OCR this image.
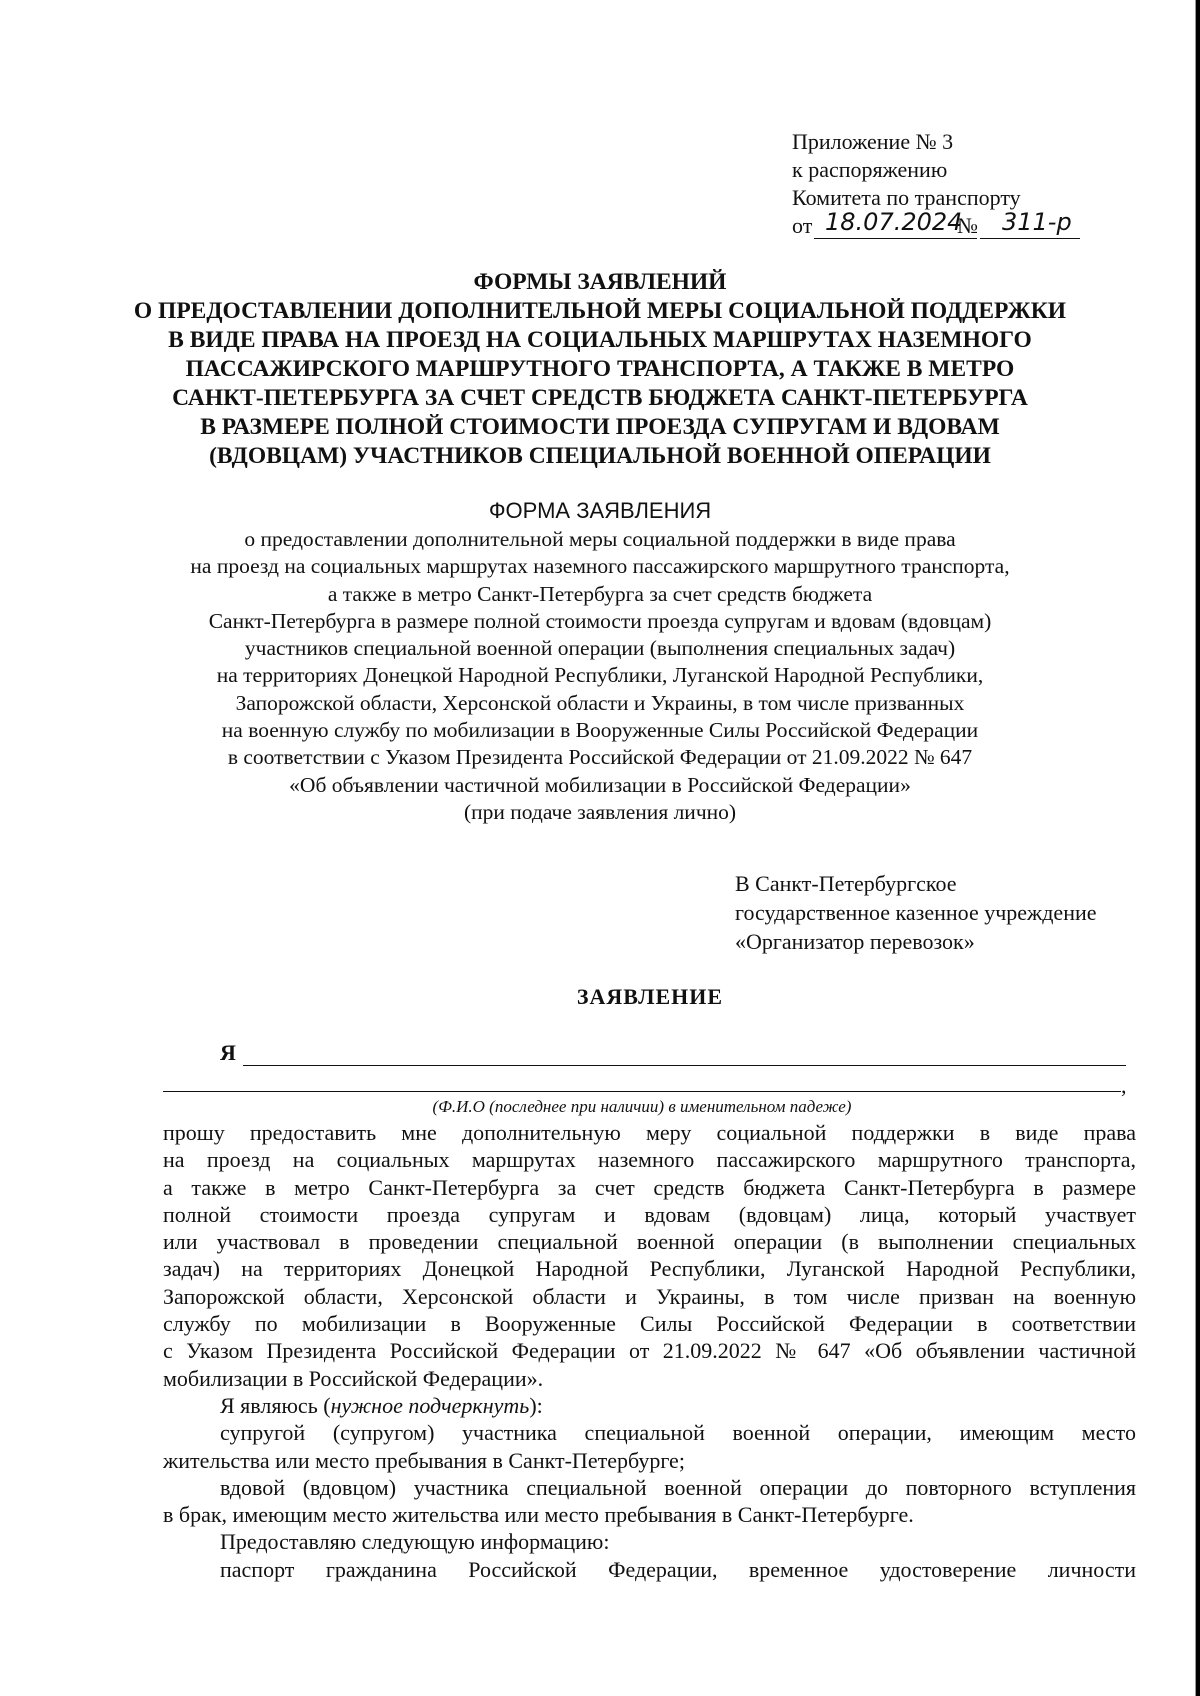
Приложение № 3
к распоряжению
Комитета по транспорту
от 18.07.2024
№ 311-р
ФОРМЫ ЗАЯВЛЕНИЙ
О ПРЕДОСТАВЛЕНИИ ДОПОЛНИТЕЛЬНОЙ МЕРЫ СОЦИАЛЬНОЙ ПОДДЕРЖКИ
В ВИДЕ ПРАВА НА ПРОЕЗД НА СОЦИАЛЬНЫХ МАРШРУТАХ НАЗЕМНОГО
ПАССАЖИРСКОГО МАРШРУТНОГО ТРАНСПОРТА, А ТАКЖЕ В МЕТРО
САНКТ-ПЕТЕРБУРГА ЗА СЧЕТ СРЕДСТВ БЮДЖЕТА САНКТ-ПЕТЕРБУРГА
В РАЗМЕРЕ ПОЛНОЙ СТОИМОСТИ ПРОЕЗДА СУПРУГАМ И ВДОВАМ
(ВДОВЦАМ) УЧАСТНИКОВ СПЕЦИАЛЬНОЙ ВОЕННОЙ ОПЕРАЦИИ
ФОРМА ЗАЯВЛЕНИЯ
о предоставлении дополнительной меры социальной поддержки в виде права
на проезд на социальных маршрутах наземного пассажирского маршрутного транспорта,
а также в метро Санкт-Петербурга за счет средств бюджета
Санкт-Петербурга в размере полной стоимости проезда супругам и вдовам (вдовцам)
участников специальной военной операции (выполнения специальных задач)
на территориях Донецкой Народной Республики, Луганской Народной Республики,
Запорожской области, Херсонской области и Украины, в том числе призванных
на военную службу по мобилизации в Вооруженные Силы Российской Федерации
в соответствии с Указом Президента Российской Федерации от 21.09.2022 № 647
«Об объявлении частичной мобилизации в Российской Федерации»
(при подаче заявления лично)
В Санкт-Петербургское
государственное казенное учреждение
«Организатор перевозок»
ЗАЯВЛЕНИЕ
Я
,
(Ф.И.О (последнее при наличии) в именительном падеже)
прошу предоставить мне дополнительную меру социальной поддержки в виде права
на проезд на социальных маршрутах наземного пассажирского маршрутного транспорта,
а также в метро Санкт-Петербурга за счет средств бюджета Санкт-Петербурга в размере
полной стоимости проезда супругам и вдовам (вдовцам) лица, который участвует
или участвовал в проведении специальной военной операции (в выполнении специальных
задач) на территориях Донецкой Народной Республики, Луганской Народной Республики,
Запорожской области, Херсонской области и Украины, в том числе призван на военную
службу по мобилизации в Вооруженные Силы Российской Федерации в соответствии
с Указом Президента Российской Федерации от 21.09.2022 № 647 «Об объявлении частичной
мобилизации в Российской Федерации».
Я являюсь (нужное подчеркнуть):
супругой (супругом) участника специальной военной операции, имеющим место
жительства или место пребывания в Санкт-Петербурге;
вдовой (вдовцом) участника специальной военной операции до повторного вступления
в брак, имеющим место жительства или место пребывания в Санкт-Петербурге.
Предоставляю следующую информацию:
паспорт гражданина Российской Федерации, временное удостоверение личности
